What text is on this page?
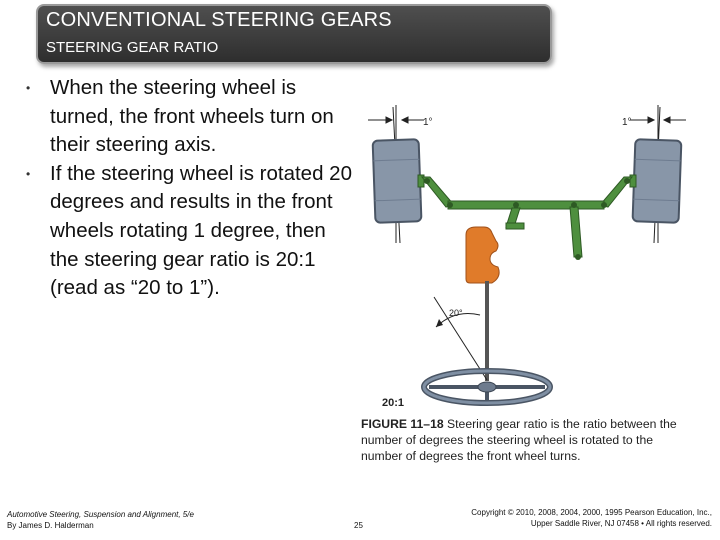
CONVENTIONAL STEERING GEARS
STEERING GEAR RATIO
• When the steering wheel is turned, the front wheels turn on their steering axis.
• If the steering wheel is rotated 20 degrees and results in the front wheels rotating 1 degree, then the steering gear ratio is 20:1 (read as “20 to 1”).
1°	1°
20°
20:1
FIGURE 11–18 Steering gear ratio is the ratio between the number of degrees the steering wheel is rotated to the number of degrees the front wheel turns.
Automotive Steering, Suspension and Alignment, 5/e
By James D. Halderman	25
Copyright © 2010, 2008, 2004, 2000, 1995 Pearson Education, Inc.,
Upper Saddle River, NJ 07458 • All rights reserved.
